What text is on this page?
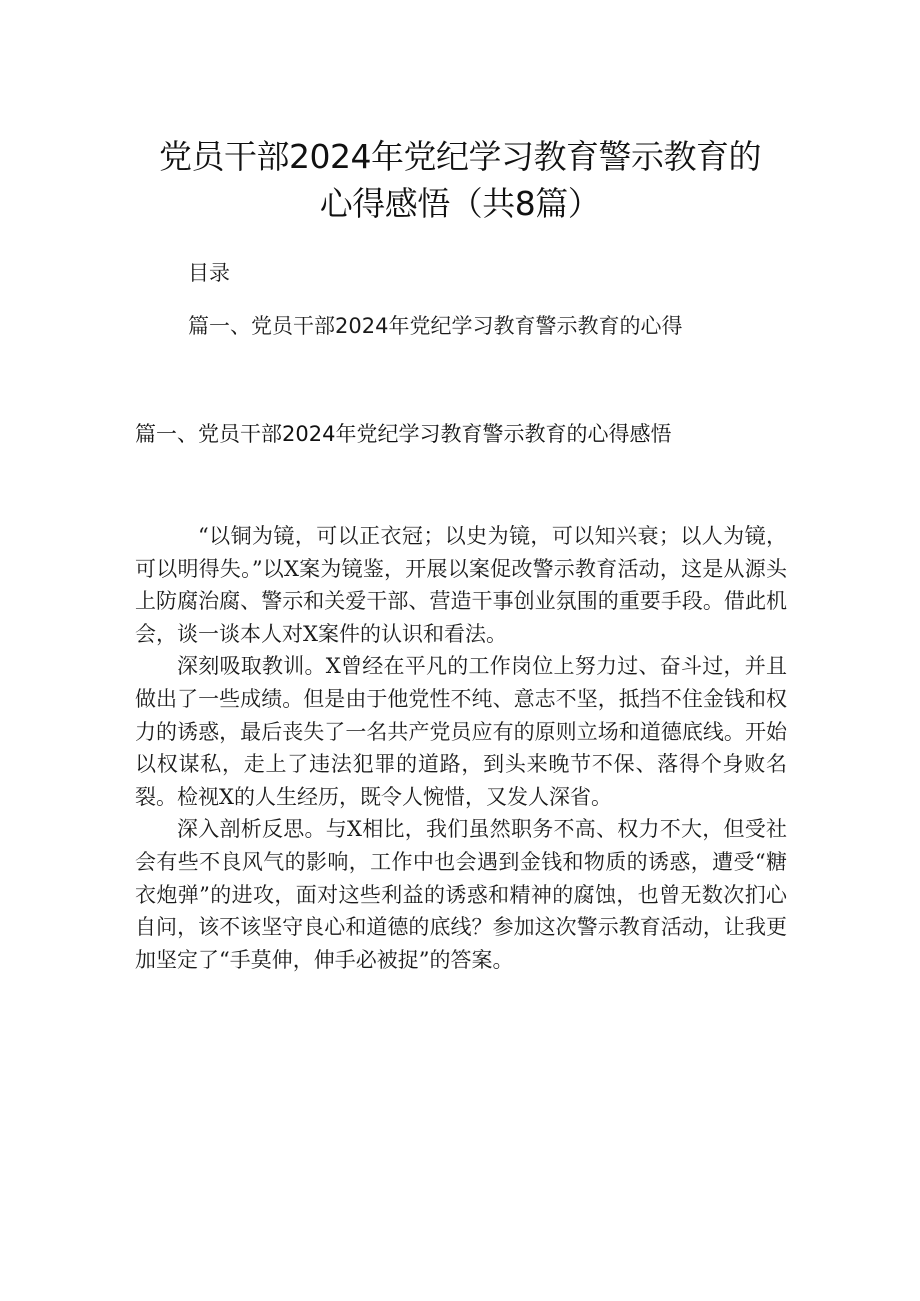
党员干部2024年党纪学习教育警示教育的
心得感悟（共8篇）
目录
篇一、党员干部2024年党纪学习教育警示教育的心得
篇一、党员干部2024年党纪学习教育警示教育的心得感悟

“以铜为镜，可以正衣冠；以史为镜，可以知兴衰；以人为镜，可以明得失。”以X案为镜鉴，开展以案促改警示教育活动，这是从源头上防腐治腐、警示和关爱干部、营造干事创业氛围的重要手段。借此机会，谈一谈本人对X案件的认识和看法。

深刻吸取教训。X曾经在平凡的工作岗位上努力过、奋斗过，并且做出了一些成绩。但是由于他党性不纯、意志不坚，抵挡不住金钱和权力的诱惑，最后丧失了一名共产党员应有的原则立场和道德底线。开始以权谋私，走上了违法犯罪的道路，到头来晚节不保、落得个身败名裂。检视X的人生经历，既令人惋惜，又发人深省。

深入剖析反思。与X相比，我们虽然职务不高、权力不大，但受社会有些不良风气的影响，工作中也会遇到金钱和物质的诱惑，遭受“糖衣炮弹”的进攻，面对这些利益的诱惑和精神的腐蚀，也曾无数次扪心自问，该不该坚守良心和道德的底线？参加这次警示教育活动，让我更加坚定了“手莫伸，伸手必被捉”的答案。
